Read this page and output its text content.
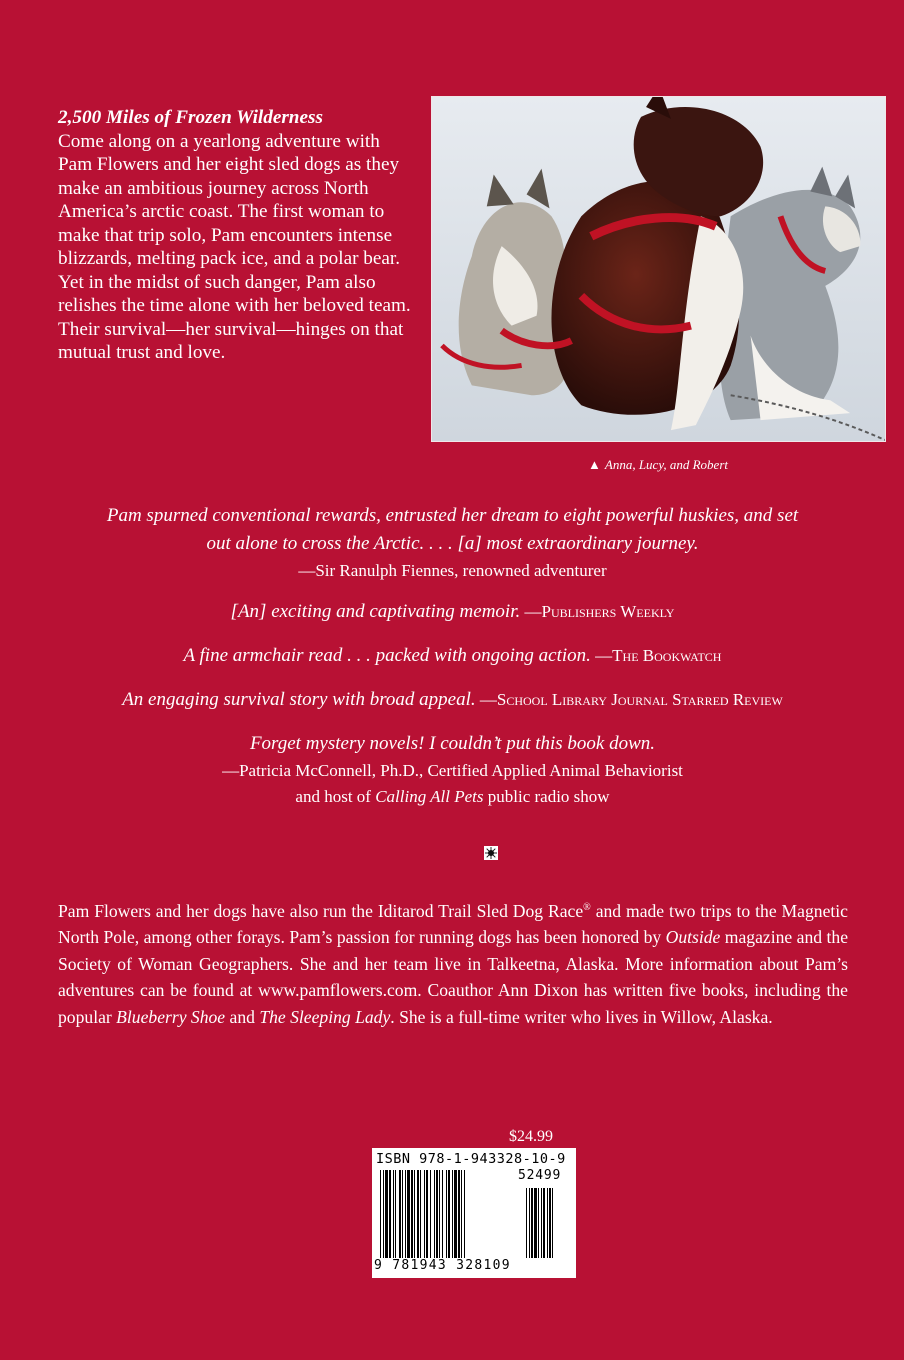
2,500 Miles of Frozen Wilderness
Come along on a yearlong adventure with Pam Flowers and her eight sled dogs as they make an ambitious journey across North America’s arctic coast. The first woman to make that trip solo, Pam encounters intense blizzards, melting pack ice, and a polar bear. Yet in the midst of such danger, Pam also relishes the time alone with her beloved team. Their survival—her survival—hinges on that mutual trust and love.
▲ Anna, Lucy, and Robert
Pam spurned conventional rewards, entrusted her dream to eight powerful huskies, and set
out alone to cross the Arctic. . . . [a] most extraordinary journey.
—Sir Ranulph Fiennes, renowned adventurer
[An] exciting and captivating memoir. —Publishers Weekly
A fine armchair read . . . packed with ongoing action. —The Bookwatch
An engaging survival story with broad appeal. —School Library Journal Starred Review
Forget mystery novels! I couldn’t put this book down.
—Patricia McConnell, Ph.D., Certified Applied Animal Behaviorist
and host of Calling All Pets public radio show
Pam Flowers and her dogs have also run the Iditarod Trail Sled Dog Race® and made two trips to the Magnetic North Pole, among other forays. Pam’s passion for running dogs has been honored by Outside magazine and the Society of Woman Geographers. She and her team live in Talkeetna, Alaska. More information about Pam’s adventures can be found at www.pamflowers.com. Coauthor Ann Dixon has written five books, including the popular Blueberry Shoe and The Sleeping Lady. She is a full-time writer who lives in Willow, Alaska.
$24.99
ISBN 978-1-943328-10-9
52499
9 781943 328109
